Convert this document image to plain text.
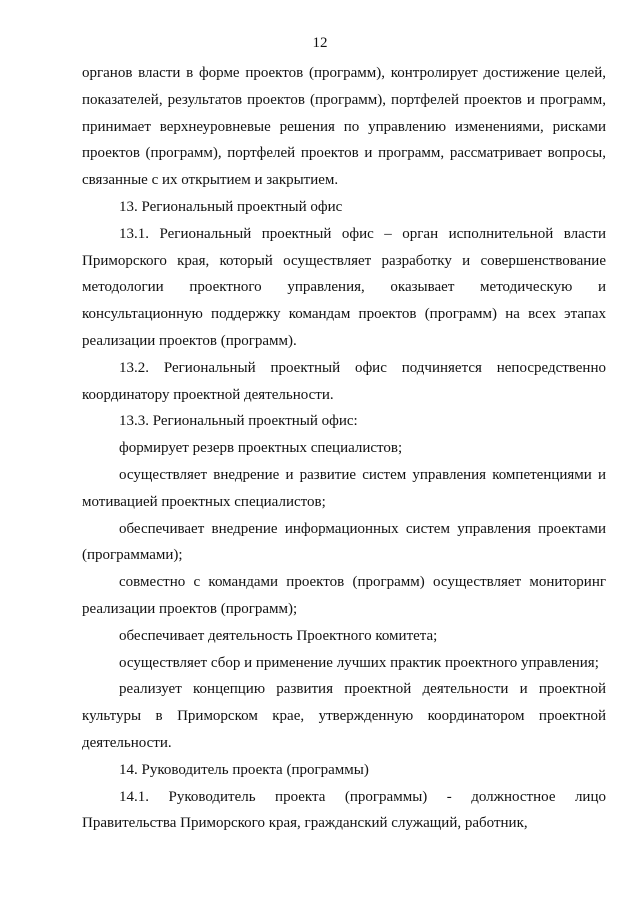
12

органов власти в форме проектов (программ), контролирует достижение целей, показателей, результатов проектов (программ), портфелей проектов и программ, принимает верхнеуровневые решения по управлению изменениями, рисками проектов (программ), портфелей проектов и программ, рассматривает вопросы, связанные с их открытием и закрытием.

13. Региональный проектный офис

13.1. Региональный проектный офис – орган исполнительной власти Приморского края, который осуществляет разработку и совершенствование методологии проектного управления, оказывает методическую и консультационную поддержку командам проектов (программ) на всех этапах реализации проектов (программ).

13.2. Региональный проектный офис подчиняется непосредственно координатору проектной деятельности.

13.3. Региональный проектный офис:

формирует резерв проектных специалистов;

осуществляет внедрение и развитие систем управления компетенциями и мотивацией проектных специалистов;

обеспечивает внедрение информационных систем управления проектами (программами);

совместно с командами проектов (программ) осуществляет мониторинг реализации проектов (программ);

обеспечивает деятельность Проектного комитета;

осуществляет сбор и применение лучших практик проектного управления;

реализует концепцию развития проектной деятельности и проектной культуры в Приморском крае, утвержденную координатором проектной деятельности.

14. Руководитель проекта (программы)

14.1. Руководитель проекта (программы) - должностное лицо Правительства Приморского края, гражданский служащий, работник,
